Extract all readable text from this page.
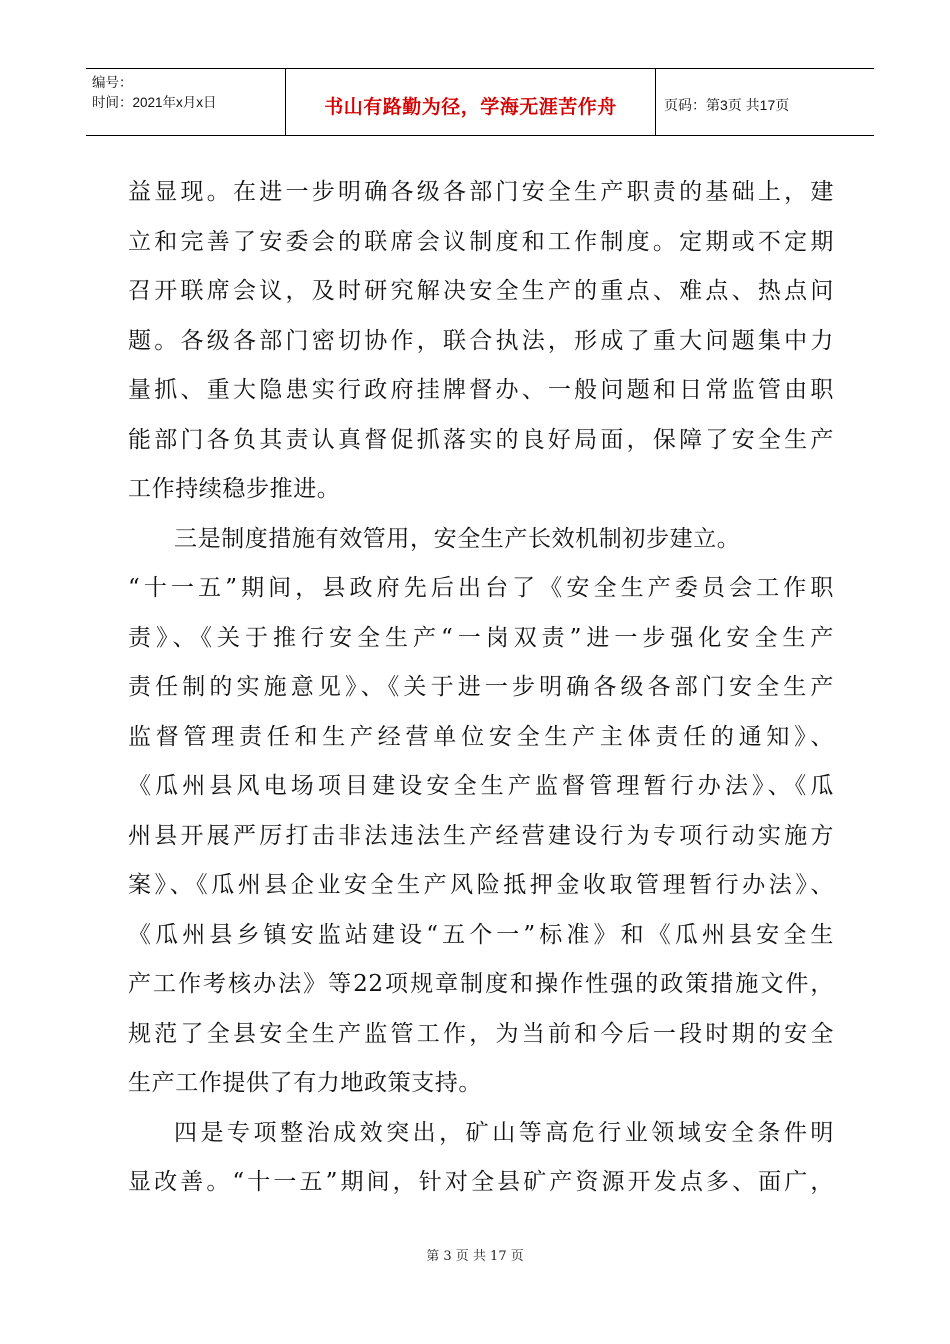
编号：
时间：2021年x月x日	书山有路勤为径，学海无涯苦作舟	页码：第3页 共17页
益显现。在进一步明确各级各部门安全生产职责的基础上，建
立和完善了安委会的联席会议制度和工作制度。定期或不定期
召开联席会议，及时研究解决安全生产的重点、难点、热点问
题。各级各部门密切协作，联合执法，形成了重大问题集中力
量抓、重大隐患实行政府挂牌督办、一般问题和日常监管由职
能部门各负其责认真督促抓落实的良好局面，保障了安全生产
工作持续稳步推进。
三是制度措施有效管用，安全生产长效机制初步建立。
“十一五”期间，县政府先后出台了《安全生产委员会工作职
责》、《关于推行安全生产“一岗双责”进一步强化安全生产
责任制的实施意见》、《关于进一步明确各级各部门安全生产
监督管理责任和生产经营单位安全生产主体责任的通知》、
《瓜州县风电场项目建设安全生产监督管理暂行办法》、《瓜
州县开展严厉打击非法违法生产经营建设行为专项行动实施方
案》、《瓜州县企业安全生产风险抵押金收取管理暂行办法》、
《瓜州县乡镇安监站建设“五个一”标准》和《瓜州县安全生
产工作考核办法》等22项规章制度和操作性强的政策措施文件，
规范了全县安全生产监管工作，为当前和今后一段时期的安全
生产工作提供了有力地政策支持。
四是专项整治成效突出，矿山等高危行业领域安全条件明
显改善。“十一五”期间，针对全县矿产资源开发点多、面广，
第 3 页 共 17 页
